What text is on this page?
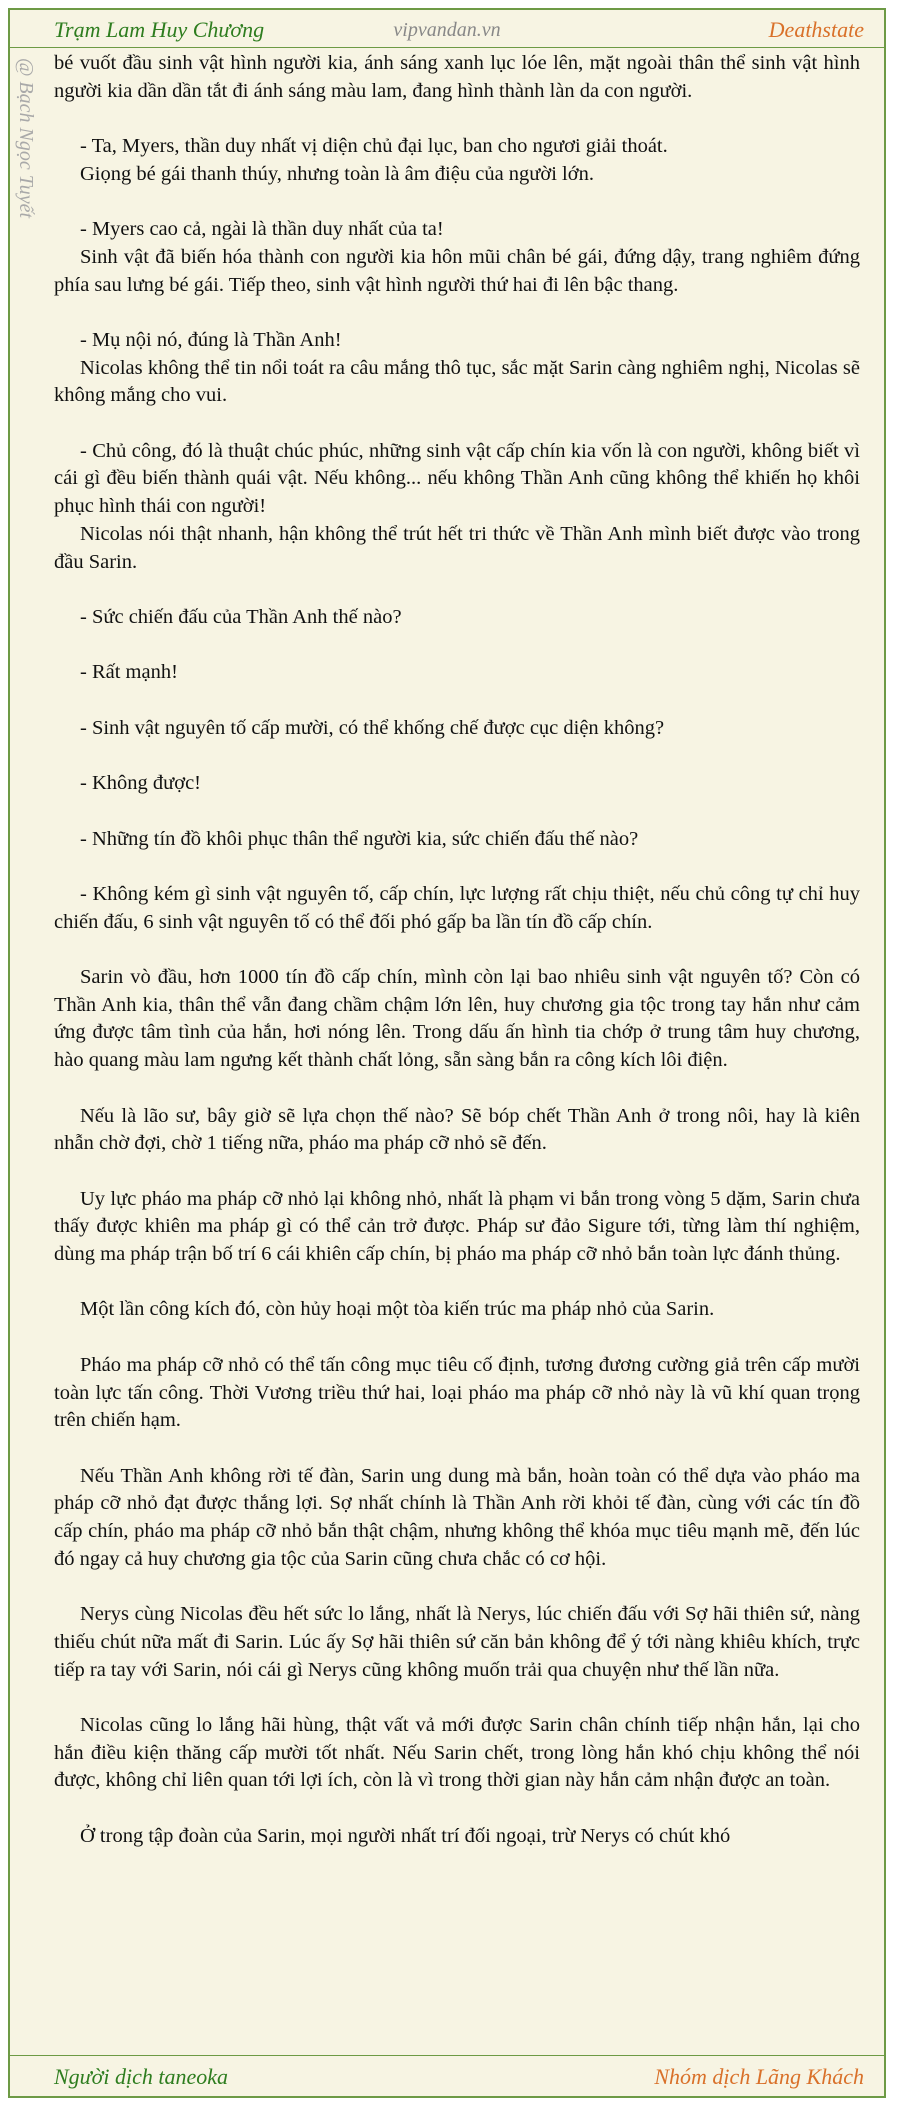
Trạm Lam Huy Chương	vipvandan.vn	Deathstate
@ Bạch Ngọc Tuyết bé vuốt đầu sinh vật hình người kia, ánh sáng xanh lục lóe lên, mặt ngoài thân thể sinh vật hình người kia dần dần tắt đi ánh sáng màu lam, đang hình thành làn da con người.

- Ta, Myers, thần duy nhất vị diện chủ đại lục, ban cho ngươi giải thoát.

Giọng bé gái thanh thúy, nhưng toàn là âm điệu của người lớn.

- Myers cao cả, ngài là thần duy nhất của ta!

Sinh vật đã biến hóa thành con người kia hôn mũi chân bé gái, đứng dậy, trang nghiêm đứng phía sau lưng bé gái. Tiếp theo, sinh vật hình người thứ hai đi lên bậc thang.

- Mụ nội nó, đúng là Thần Anh!

Nicolas không thể tin nổi toát ra câu mắng thô tục, sắc mặt Sarin càng nghiêm nghị, Nicolas sẽ không mắng cho vui.

- Chủ công, đó là thuật chúc phúc, những sinh vật cấp chín kia vốn là con người, không biết vì cái gì đều biến thành quái vật. Nếu không... nếu không Thần Anh cũng không thể khiến họ khôi phục hình thái con người!

Nicolas nói thật nhanh, hận không thể trút hết tri thức về Thần Anh mình biết được vào trong đầu Sarin.

- Sức chiến đấu của Thần Anh thế nào?

- Rất mạnh!

- Sinh vật nguyên tố cấp mười, có thể khống chế được cục diện không?

- Không được!

- Những tín đồ khôi phục thân thể người kia, sức chiến đấu thế nào?

- Không kém gì sinh vật nguyên tố, cấp chín, lực lượng rất chịu thiệt, nếu chủ công tự chỉ huy chiến đấu, 6 sinh vật nguyên tố có thể đối phó gấp ba lần tín đồ cấp chín.

Sarin vò đầu, hơn 1000 tín đồ cấp chín, mình còn lại bao nhiêu sinh vật nguyên tố? Còn có Thần Anh kia, thân thể vẫn đang chầm chậm lớn lên, huy chương gia tộc trong tay hắn như cảm ứng được tâm tình của hắn, hơi nóng lên. Trong dấu ấn hình tia chớp ở trung tâm huy chương, hào quang màu lam ngưng kết thành chất lỏng, sẵn sàng bắn ra công kích lôi điện.

Nếu là lão sư, bây giờ sẽ lựa chọn thế nào? Sẽ bóp chết Thần Anh ở trong nôi, hay là kiên nhẫn chờ đợi, chờ 1 tiếng nữa, pháo ma pháp cỡ nhỏ sẽ đến.

Uy lực pháo ma pháp cỡ nhỏ lại không nhỏ, nhất là phạm vi bắn trong vòng 5 dặm, Sarin chưa thấy được khiên ma pháp gì có thể cản trở được. Pháp sư đảo Sigure tới, từng làm thí nghiệm, dùng ma pháp trận bố trí 6 cái khiên cấp chín, bị pháo ma pháp cỡ nhỏ bắn toàn lực đánh thủng.

Một lần công kích đó, còn hủy hoại một tòa kiến trúc ma pháp nhỏ của Sarin.

Pháo ma pháp cỡ nhỏ có thể tấn công mục tiêu cố định, tương đương cường giả trên cấp mười toàn lực tấn công. Thời Vương triều thứ hai, loại pháo ma pháp cỡ nhỏ này là vũ khí quan trọng trên chiến hạm.

Nếu Thần Anh không rời tế đàn, Sarin ung dung mà bắn, hoàn toàn có thể dựa vào pháo ma pháp cỡ nhỏ đạt được thắng lợi. Sợ nhất chính là Thần Anh rời khỏi tế đàn, cùng với các tín đồ cấp chín, pháo ma pháp cỡ nhỏ bắn thật chậm, nhưng không thể khóa mục tiêu mạnh mẽ, đến lúc đó ngay cả huy chương gia tộc của Sarin cũng chưa chắc có cơ hội.

Nerys cùng Nicolas đều hết sức lo lắng, nhất là Nerys, lúc chiến đấu với Sợ hãi thiên sứ, nàng thiếu chút nữa mất đi Sarin. Lúc ấy Sợ hãi thiên sứ căn bản không để ý tới nàng khiêu khích, trực tiếp ra tay với Sarin, nói cái gì Nerys cũng không muốn trải qua chuyện như thế lần nữa.

Nicolas cũng lo lắng hãi hùng, thật vất vả mới được Sarin chân chính tiếp nhận hắn, lại cho hắn điều kiện thăng cấp mười tốt nhất. Nếu Sarin chết, trong lòng hắn khó chịu không thể nói được, không chỉ liên quan tới lợi ích, còn là vì trong thời gian này hắn cảm nhận được an toàn.

Ở trong tập đoàn của Sarin, mọi người nhất trí đối ngoại, trừ Nerys có chút khó

Người dịch taneoka	Nhóm dịch Lãng Khách
